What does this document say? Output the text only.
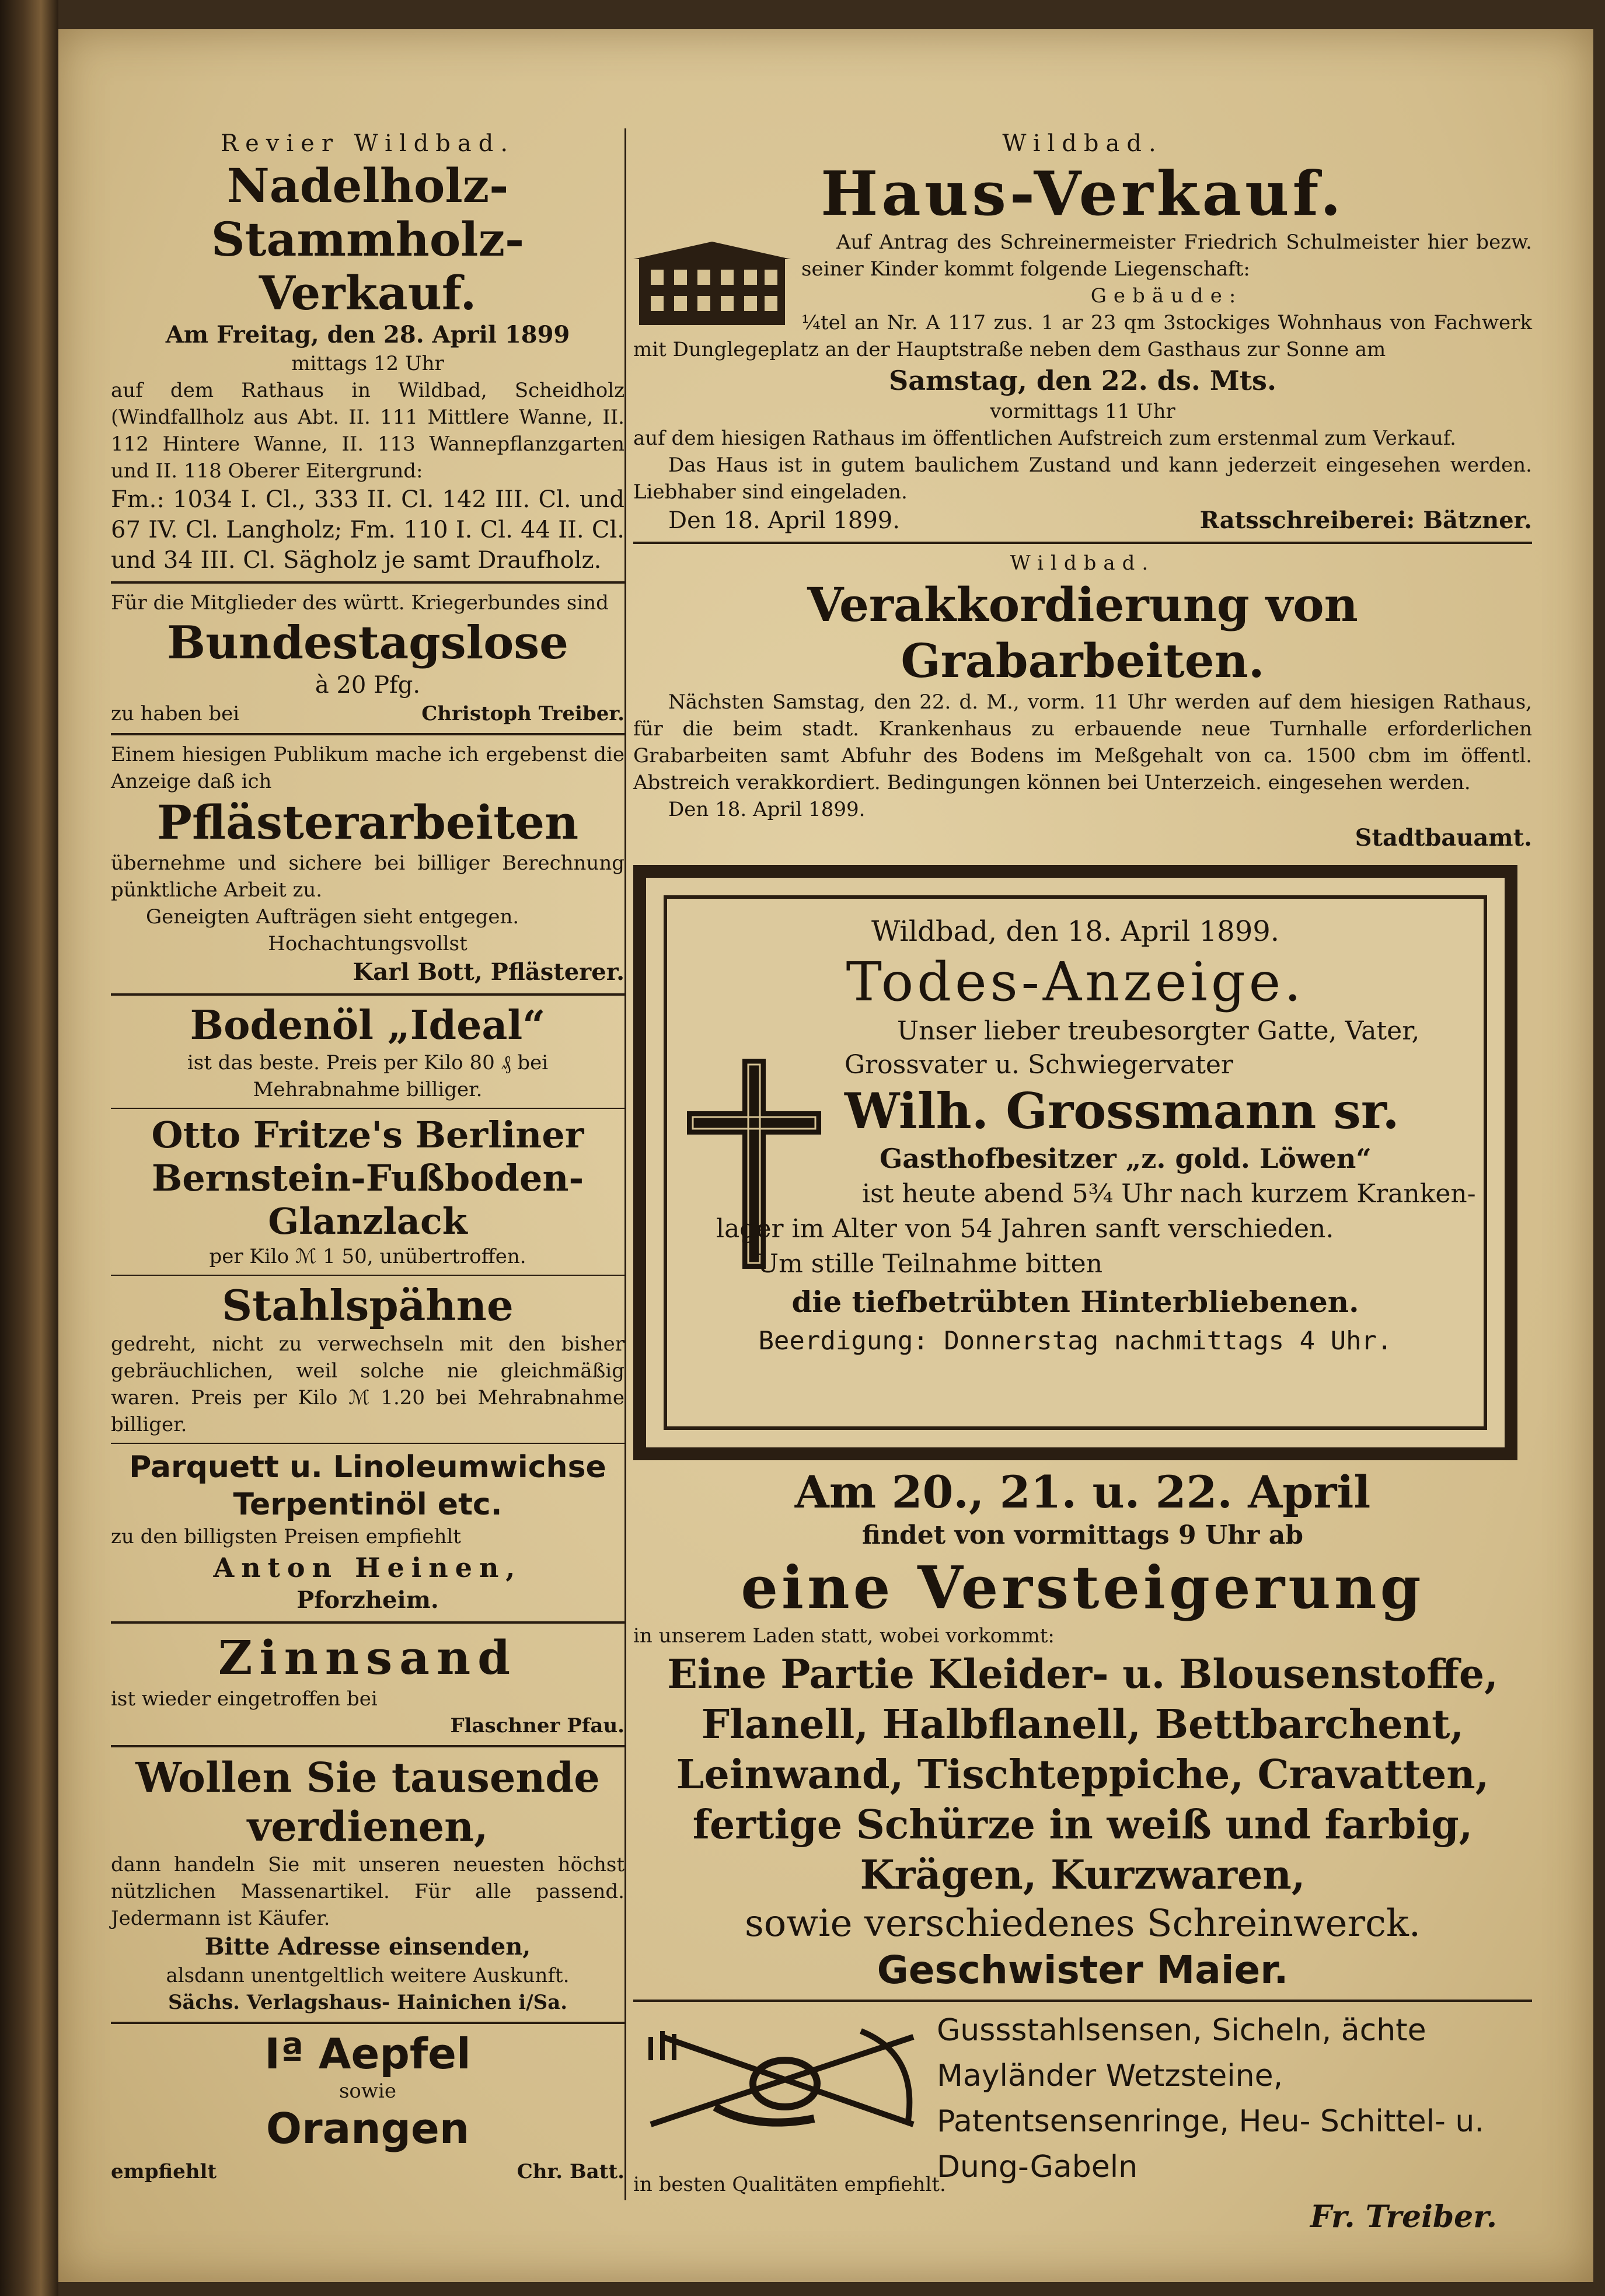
Revier Wildbad.
Nadelholz-Stammholz-Verkauf.
Am Freitag, den 28. April 1899
mittags 12 Uhr
auf dem Rathaus in Wildbad, Scheidholz (Windfallholz aus Abt. II. 111 Mittlere Wanne, II. 112 Hintere Wanne, II. 113 Wannepflanzgarten und II. 118 Oberer Eitergrund:
Fm.: 1034 I. Cl., 333 II. Cl. 142 III. Cl. und 67 IV. Cl. Langholz; Fm. 110 I. Cl. 44 II. Cl. und 34 III. Cl. Sägholz je samt Draufholz.
Für die Mitglieder des württ. Kriegerbundes sind
Bundestagslose
à 20 Pfg.
zu haben bei	Christoph Treiber.
Einem hiesigen Publikum mache ich ergebenst die Anzeige daß ich
Pflästerarbeiten
übernehme und sichere bei billiger Berechnung pünktliche Arbeit zu.
Geneigten Aufträgen sieht entgegen.
Hochachtungsvollst
Karl Bott, Pflästerer.
Bodenöl „Ideal“
ist das beste. Preis per Kilo 80 ₰ bei Mehrabnahme billiger.
Otto Fritze's Berliner Bernstein-Fußboden-Glanzlack
per Kilo ℳ 1 50, unübertroffen.
Stahlspähne
gedreht, nicht zu verwechseln mit den bisher gebräuchlichen, weil solche nie gleichmäßig waren. Preis per Kilo ℳ 1.20 bei Mehrabnahme billiger.
Parquett u. Linoleumwichse Terpentinöl etc.
zu den billigsten Preisen empfiehlt
Anton Heinen,
Pforzheim.
Zinnsand
ist wieder eingetroffen bei
Flaschner Pfau.
Wollen Sie tausende verdienen,
dann handeln Sie mit unseren neuesten höchst nützlichen Massenartikel. Für alle passend. Jedermann ist Käufer.
Bitte Adresse einsenden,
alsdann unentgeltlich weitere Auskunft.
Sächs. Verlagshaus- Hainichen i/Sa.
Iª Aepfel
sowie
Orangen
empfiehlt	Chr. Batt.
Wildbad.
Haus-Verkauf.
Auf Antrag des Schreinermeister Friedrich Schulmeister hier bezw. seiner Kinder kommt folgende Liegenschaft:
Gebäude:
¼tel an Nr. A 117 zus. 1 ar 23 qm 3stockiges Wohnhaus von Fachwerk mit Dunglegeplatz an der Hauptstraße neben dem Gasthaus zur Sonne am
Samstag, den 22. ds. Mts.
vormittags 11 Uhr
auf dem hiesigen Rathaus im öffentlichen Aufstreich zum erstenmal zum Verkauf.
Das Haus ist in gutem baulichem Zustand und kann jederzeit eingesehen werden. Liebhaber sind eingeladen.
Den 18. April 1899.	Ratsschreiberei: Bätzner.
Wildbad.
Verakkordierung von Grabarbeiten.
Nächsten Samstag, den 22. d. M., vorm. 11 Uhr werden auf dem hiesigen Rathaus, für die beim stadt. Krankenhaus zu erbauende neue Turnhalle erforderlichen Grabarbeiten samt Abfuhr des Bodens im Meßgehalt von ca. 1500 cbm im öffentl. Abstreich verakkordiert. Bedingungen können bei Unterzeich. eingesehen werden.
Den 18. April 1899.
Stadtbauamt.
Wildbad, den 18. April 1899.
Todes-Anzeige.
Unser lieber treubesorgter Gatte, Vater,
Grossvater u. Schwiegervater
Wilh. Grossmann sr.
Gasthofbesitzer „z. gold. Löwen“
ist heute abend 5¾ Uhr nach kurzem Kranken-
lager im Alter von 54 Jahren sanft verschieden.
Um stille Teilnahme bitten
die tiefbetrübten Hinterbliebenen.
Beerdigung: Donnerstag nachmittags 4 Uhr.
Am 20., 21. u. 22. April
findet von vormittags 9 Uhr ab
eine Versteigerung
in unserem Laden statt, wobei vorkommt:
Eine Partie Kleider- u. Blousenstoffe, Flanell, Halbflanell, Bettbarchent, Leinwand, Tischteppiche, Cravatten, fertige Schürze in weiß und farbig, Krägen, Kurzwaren,
sowie verschiedenes Schreinwerck.
Geschwister Maier.
Gussstahlsensen, Sicheln, ächte Mayländer Wetzsteine, Patentsensenringe, Heu- Schittel- u. Dung-Gabeln
in besten Qualitäten empfiehlt.
Fr. Treiber.
